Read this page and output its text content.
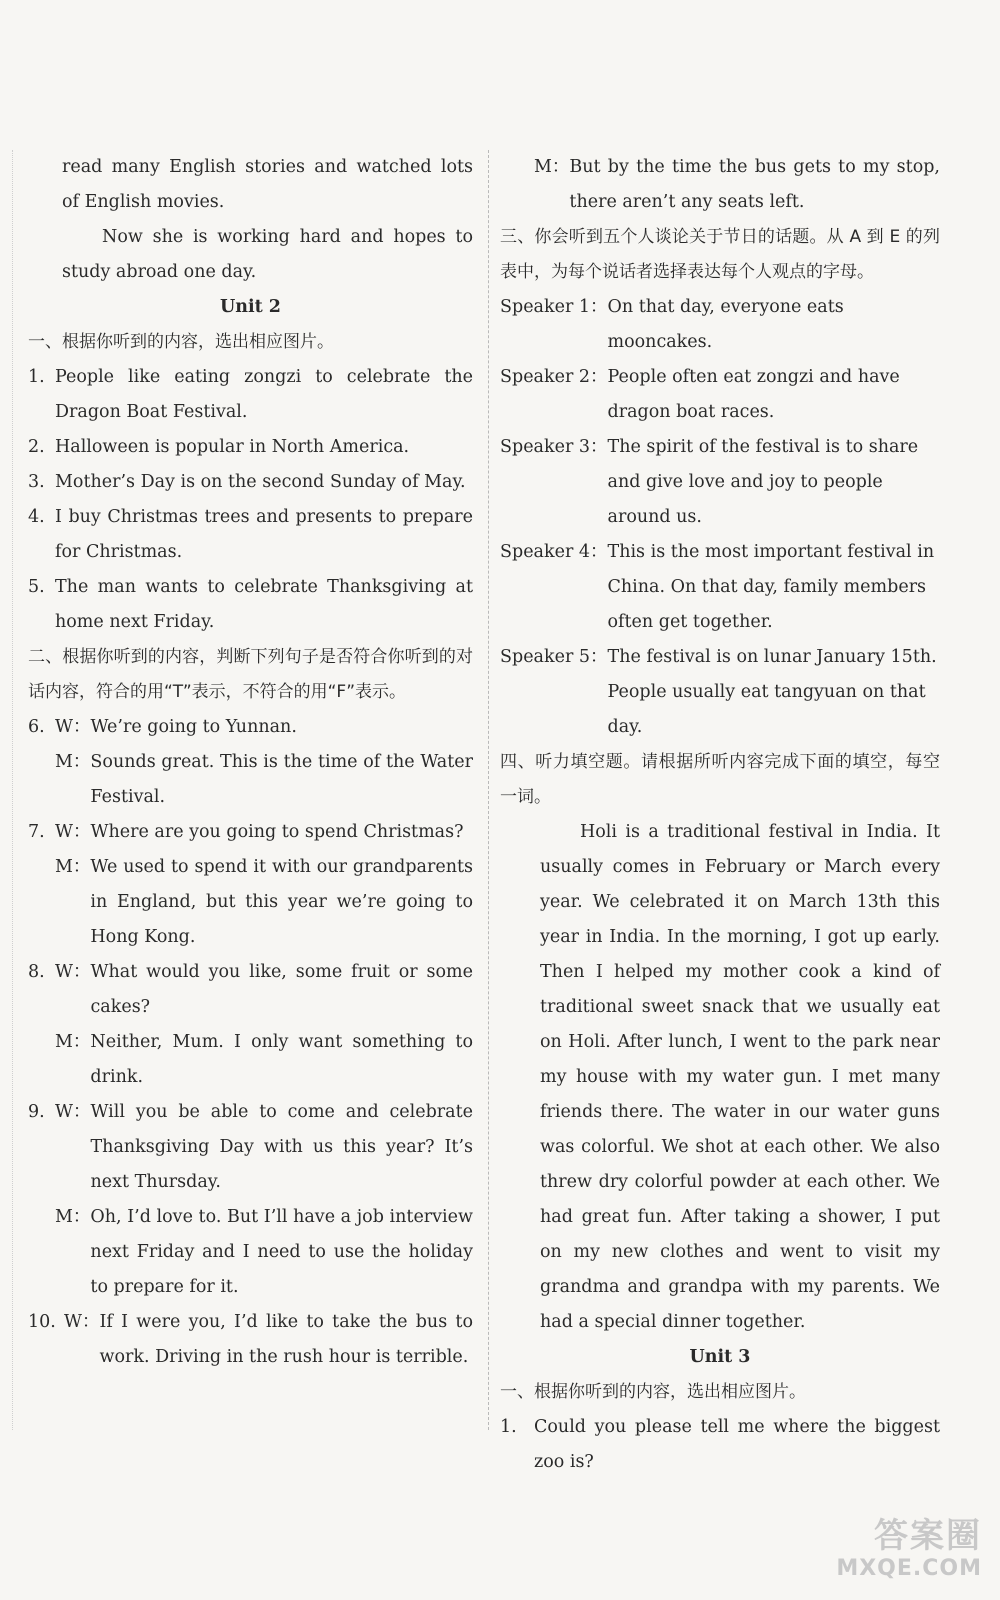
read many English stories and watched lots of English movies.

Now she is working hard and hopes to study abroad one day.

Unit 2

一、根据你听到的内容，选出相应图片。

1. People like eating zongzi to celebrate the Dragon Boat Festival.
2. Halloween is popular in North America.
3. Mother’s Day is on the second Sunday of May.
4. I buy Christmas trees and presents to prepare for Christmas.
5. The man wants to celebrate Thanksgiving at home next Friday.

二、根据你听到的内容，判断下列句子是否符合你听到的对话内容，符合的用“T”表示，不符合的用“F”表示。

6. W： We’re going to Yunnan.
M： Sounds great. This is the time of the Water Festival.
7. W： Where are you going to spend Christmas?
M： We used to spend it with our grandparents in England, but this year we’re going to Hong Kong.
8. W： What would you like, some fruit or some cakes?
M： Neither, Mum. I only want something to drink.
9. W： Will you be able to come and celebrate Thanksgiving Day with us this year? It’s next Thursday.
M： Oh, I’d love to. But I’ll have a job interview next Friday and I need to use the holiday to prepare for it.
10. W： If I were you, I’d like to take the bus to work. Driving in the rush hour is terrible.
M： But by the time the bus gets to my stop, there aren’t any seats left.

三、你会听到五个人谈论关于节日的话题。从 A 到 E 的列表中，为每个说话者选择表达每个人观点的字母。

Speaker 1： On that day, everyone eats mooncakes.
Speaker 2： People often eat zongzi and have dragon boat races.
Speaker 3： The spirit of the festival is to share and give love and joy to people around us.
Speaker 4： This is the most important festival in China. On that day, family members often get together.
Speaker 5： The festival is on lunar January 15th. People usually eat tangyuan on that day.

四、听力填空题。请根据所听内容完成下面的填空，每空一词。

Holi is a traditional festival in India. It usually comes in February or March every year. We celebrated it on March 13th this year in India. In the morning, I got up early. Then I helped my mother cook a kind of traditional sweet snack that we usually eat on Holi. After lunch, I went to the park near my house with my water gun. I met many friends there. The water in our water guns was colorful. We shot at each other. We also threw dry colorful powder at each other. We had great fun. After taking a shower, I put on my new clothes and went to visit my grandma and grandpa with my parents. We had a special dinner together.

Unit 3

一、根据你听到的内容，选出相应图片。

1. Could you please tell me where the biggest zoo is?
答案圈
MXQE.COM
